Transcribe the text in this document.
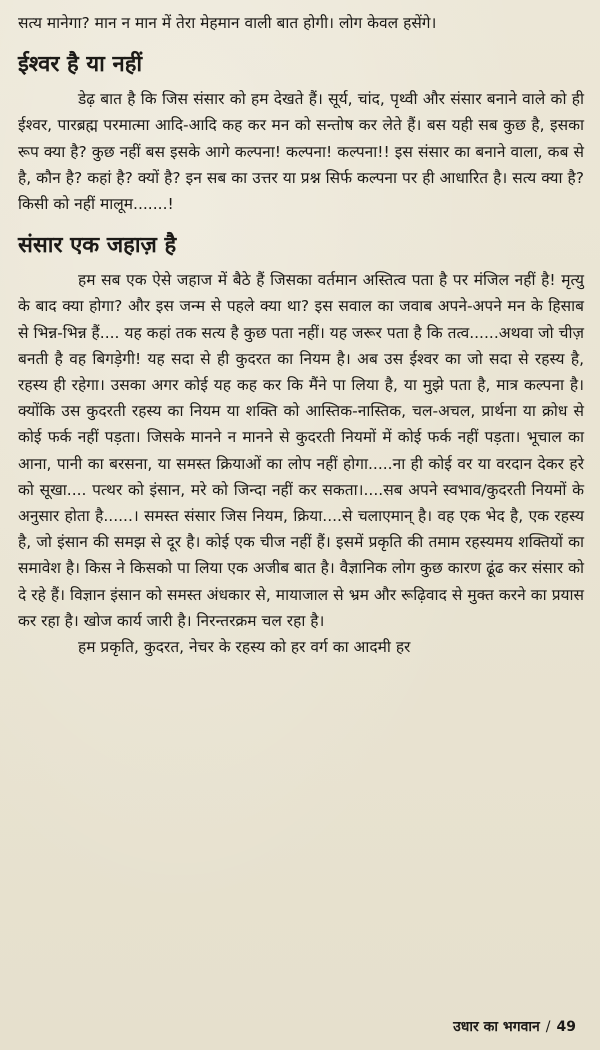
सत्य मानेगा? मान न मान में तेरा मेहमान वाली बात होगी। लोग केवल हसेंगे।

ईश्वर है या नहीं

डेढ़ बात है कि जिस संसार को हम देखते हैं। सूर्य, चांद, पृथ्वी और संसार बनाने वाले को ही ईश्वर, पारब्रह्म परमात्मा आदि-आदि कह कर मन को सन्तोष कर लेते हैं। बस यही सब कुछ है, इसका रूप क्या है? कुछ नहीं बस इसके आगे कल्पना! कल्पना! कल्पना!! इस संसार का बनाने वाला, कब से है, कौन है? कहां है? क्यों है? इन सब का उत्तर या प्रश्न सिर्फ कल्पना पर ही आधारित है। सत्य क्या है? किसी को नहीं मालूम.......!

संसार एक जहाज़ है

हम सब एक ऐसे जहाज में बैठे हैं जिसका वर्तमान अस्तित्व पता है पर मंजिल नहीं है! मृत्यु के बाद क्या होगा? और इस जन्म से पहले क्या था? इस सवाल का जवाब अपने-अपने मन के हिसाब से भिन्न-भिन्न हैं.... यह कहां तक सत्य है कुछ पता नहीं। यह जरूर पता है कि तत्व......अथवा जो चीज़ बनती है वह बिगड़ेगी! यह सदा से ही कुदरत का नियम है। अब उस ईश्वर का जो सदा से रहस्य है, रहस्य ही रहेगा। उसका अगर कोई यह कह कर कि मैंने पा लिया है, या मुझे पता है, मात्र कल्पना है। क्योंकि उस कुदरती रहस्य का नियम या शक्ति को आस्तिक-नास्तिक, चल-अचल, प्रार्थना या क्रोध से कोई फर्क नहीं पड़ता। जिसके मानने न मानने से कुदरती नियमों में कोई फर्क नहीं पड़ता। भूचाल का आना, पानी का बरसना, या समस्त क्रियाओं का लोप नहीं होगा.....ना ही कोई वर या वरदान देकर हरे को सूखा.... पत्थर को इंसान, मरे को जिन्दा नहीं कर सकता।....सब अपने स्वभाव/कुदरती नियमों के अनुसार होता है......। समस्त संसार जिस नियम, क्रिया....से चलाएमान् है। वह एक भेद है, एक रहस्य है, जो इंसान की समझ से दूर है। कोई एक चीज नहीं हैं। इसमें प्रकृति की तमाम रहस्यमय शक्तियों का समावेश है। किस ने किसको पा लिया एक अजीब बात है। वैज्ञानिक लोग कुछ कारण ढूंढ कर संसार को दे रहे हैं। विज्ञान इंसान को समस्त अंधकार से, मायाजाल से भ्रम और रूढ़िवाद से मुक्त करने का प्रयास कर रहा है। खोज कार्य जारी है। निरन्तरक्रम चल रहा है।

हम प्रकृति, कुदरत, नेचर के रहस्य को हर वर्ग का आदमी हर

उधार का भगवान / 49
